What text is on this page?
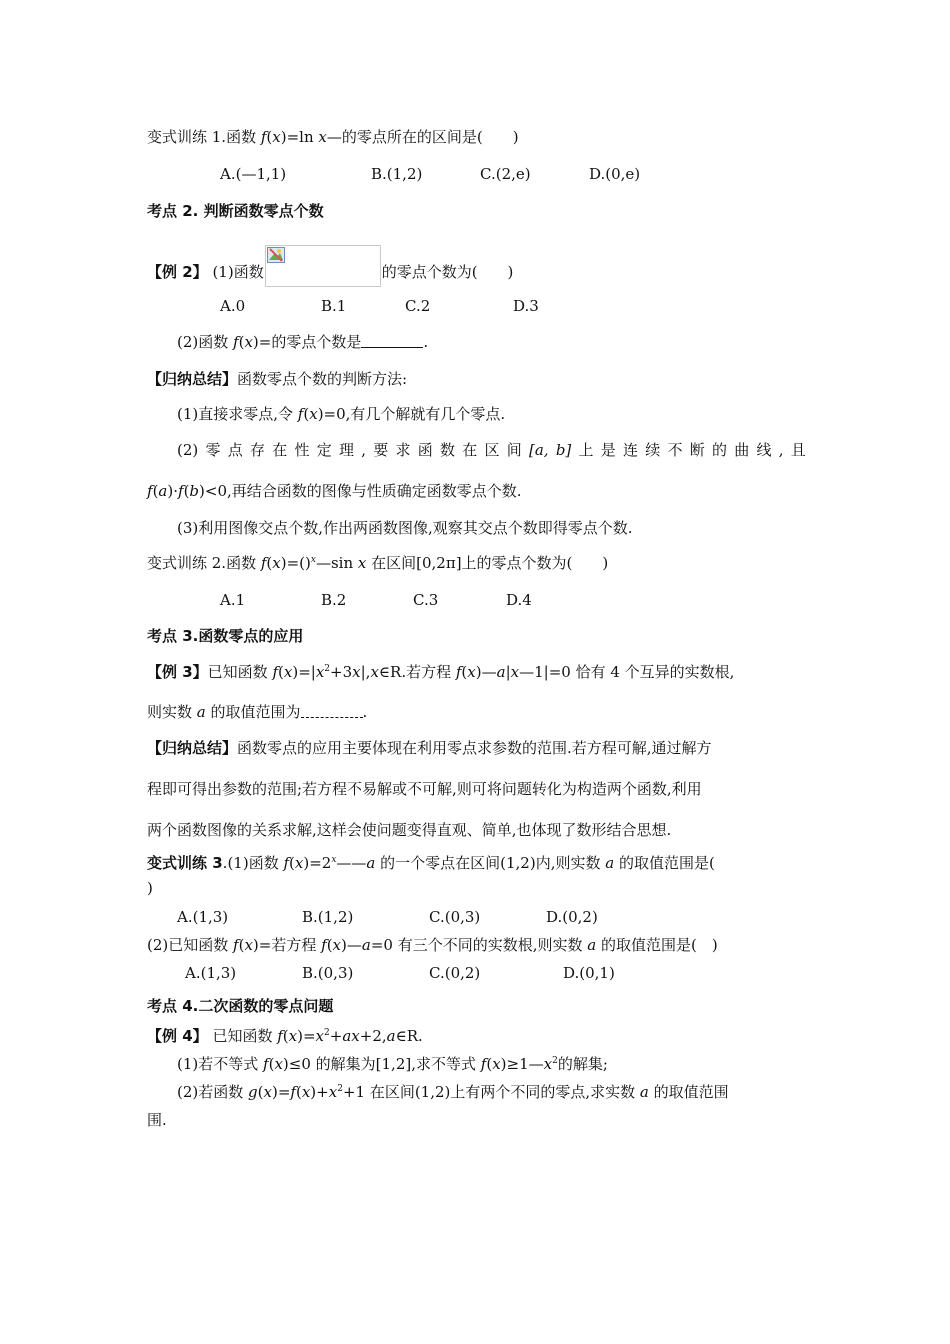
变式训练 1.函数 f(x)=ln x—的零点所在的区间是(　　)
A.(—1,1)	B.(1,2)	C.(2,e)	D.(0,e)
考点 2. 判断函数零点个数
【例 2】 (1)函数	的零点个数为(　　)
A.0	B.1	C.2	D.3
(2)函数 f(x)=的零点个数是	.
【归纳总结】函数零点个数的判断方法:
(1)直接求零点,令 f(x)=0,有几个解就有几个零点.
(2) 零 点 存 在 性 定 理 , 要 求 函 数 在 区 间 [a, b] 上 是 连 续 不 断 的 曲 线 , 且
f(a)·f(b)<0,再结合函数的图像与性质确定函数零点个数.
(3)利用图像交点个数,作出两函数图像,观察其交点个数即得零点个数.
变式训练 2.函数 f(x)=()$^x$—sin x 在区间[0,2π]上的零点个数为(　　)
A.1	B.2	C.3	D.4
考点 3.函数零点的应用
【例 3】已知函数 $f(x)=|x^2+3x|,x\in R$.若方程 f(x)—a|x—1|=0 恰有 4 个互异的实数根,
则实数 a 的取值范围为	.
【归纳总结】函数零点的应用主要体现在利用零点求参数的范围.若方程可解,通过解方
程即可得出参数的范围;若方程不易解或不可解,则可将问题转化为构造两个函数,利用
两个函数图像的关系求解,这样会使问题变得直观、简单,也体现了数形结合思想.
变式训练 3.(1)函数 $f(x)=2^x——a$ 的一个零点在区间(1,2)内,则实数 a 的取值范围是(
)
A.(1,3)	B.(1,2)	C.(0,3)	D.(0,2)
(2)已知函数 f(x)=若方程 f(x)—a=0 有三个不同的实数根,则实数 a 的取值范围是(　)
A.(1,3)	B.(0,3)	C.(0,2)	D.(0,1)
考点 4.二次函数的零点问题
【例 4】 已知函数 $f(x)=x^2+ax+2,a\in R$.
(1)若不等式 f(x)≤0 的解集为[1,2],求不等式 $f(x)\ge 1—x^2$的解集;
(2)若函数 $g(x)=f(x)+x^2+1$ 在区间(1,2)上有两个不同的零点,求实数 a 的取值范围
围.
